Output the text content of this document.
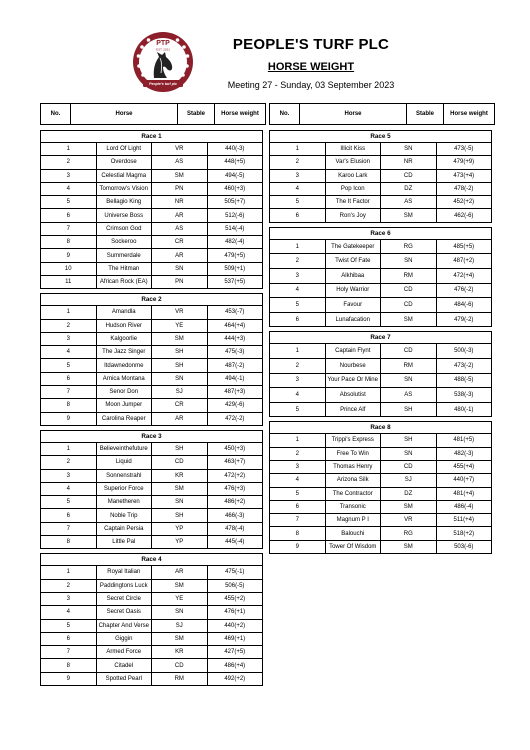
PTP
EST. 2021
People's turf plc
PEOPLE'S TURF PLC
HORSE WEIGHT
Meeting 27 - Sunday, 03 September 2023
No.	Horse	Stable	Horse weight
Race 1			
1	Lord Of Light	VR	440(-3)
2	Overdose	AS	448(+5)
3	Celestial Magma	SM	494(-5)
4	Tomorrow's Vision	PN	460(+3)
5	Bellagio King	NR	505(+7)
6	Universe Boss	AR	512(-6)
7	Crimson God	AS	514(-4)
8	Sockeroo	CR	482(-4)
9	Summerdale	AR	479(+5)
10	The Hitman	SN	509(+1)
11	African Rock (EA)	PN	537(+5)
Race 2			
1	Amandla	VR	453(-7)
2	Hudson River	YE	464(+4)
3	Kalgoorlie	SM	444(+3)
4	The Jazz Singer	SH	475(-3)
5	Itdawnedonme	SH	487(-2)
6	Arnica Montana	SN	494(-1)
7	Senor Don	SJ	487(+3)
8	Moon Jumper	CR	429(-6)
9	Carolina Reaper	AR	472(-2)
Race 3			
1	Believeinthefuture	SH	450(+3)
2	Liquid	CD	463(+7)
3	Sonnenstrahl	KR	472(+2)
4	Superior Force	SM	476(+3)
5	Manetheren	SN	486(+2)
6	Noble Trip	SH	466(-3)
7	Captain Persia	YP	478(-4)
8	Little Pal	YP	445(-4)
Race 4			
1	Royal Italian	AR	475(-1)
2	Paddingtons Luck	SM	506(-5)
3	Secret Circle	YE	455(+2)
4	Secret Oasis	SN	476(+1)
5	Chapter And Verse	SJ	440(+2)
6	Giggin	SM	469(+1)
7	Armed Force	KR	427(+5)
8	Citadel	CD	486(+4)
9	Spotted Pearl	RM	492(+2)
No.	Horse	Stable	Horse weight
Race 5			
1	Illicit Kiss	SN	473(-5)
2	Var's Elusion	NR	479(+9)
3	Karoo Lark	CD	473(+4)
4	Pop Icon	DZ	478(-2)
5	The It Factor	AS	452(+2)
6	Ron's Joy	SM	462(-6)
Race 6			
1	The Gatekeeper	RG	485(+5)
2	Twist Of Fate	SN	487(+2)
3	Alkhibaa	RM	472(+4)
4	Holy Warrior	CD	476(-2)
5	Favour	CD	484(-6)
6	Lunafacation	SM	479(-2)
Race 7			
1	Captain Flynt	CD	500(-3)
2	Nourbese	RM	473(-2)
3	Your Pace Or Mine	SN	488(-5)
4	Absolutist	AS	538(-3)
5	Prince Alf	SH	480(-1)
Race 8			
1	Trippi's Express	SH	481(+5)
2	Free To Win	SN	482(-3)
3	Thomas Henry	CD	455(+4)
4	Arizona Silk	SJ	440(+7)
5	The Contractor	DZ	481(+4)
6	Transonic	SM	486(-4)
7	Magnum P I	VR	511(+4)
8	Balouchi	RG	518(+2)
9	Tower Of Wisdom	SM	503(-6)
